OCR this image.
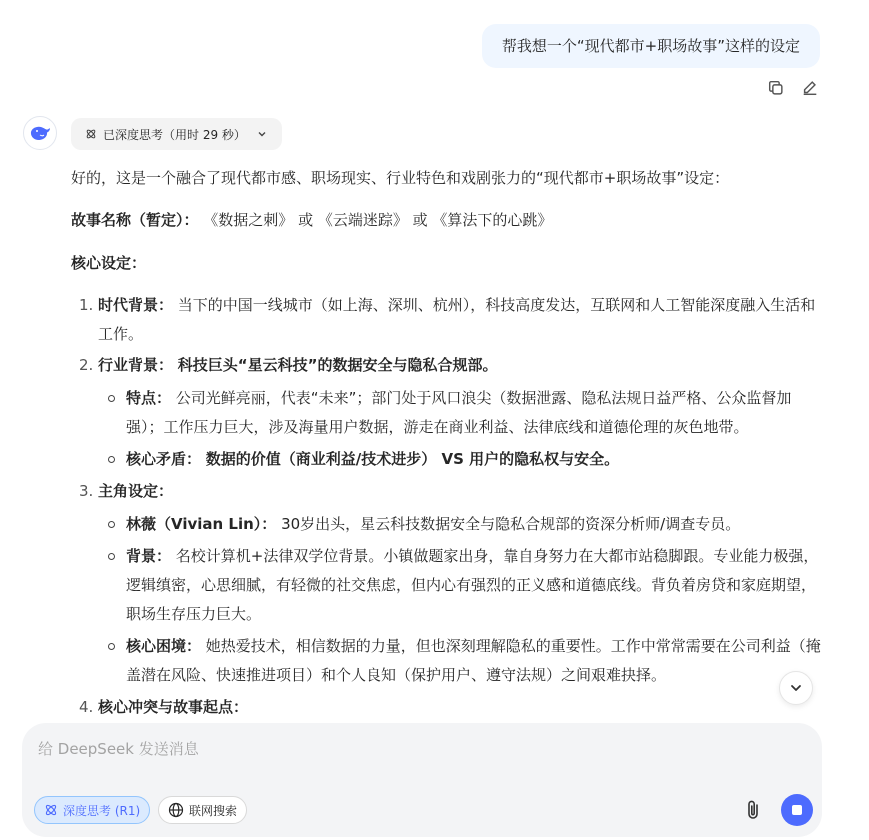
帮我想一个“现代都市+职场故事”这样的设定
已深度思考（用时 29 秒）

好的，这是一个融合了现代都市感、职场现实、行业特色和戏剧张力的“现代都市+职场故事”设定：

故事名称（暂定）： 《数据之刺》 或 《云端迷踪》 或 《算法下的心跳》

核心设定：

1. 时代背景： 当下的中国一线城市（如上海、深圳、杭州），科技高度发达，互联网和人工智能深度融入生活和工作。
2. 行业背景： 科技巨头“星云科技”的数据安全与隐私合规部。
特点： 公司光鲜亮丽，代表“未来”；部门处于风口浪尖（数据泄露、隐私法规日益严格、公众监督加强）；工作压力巨大，涉及海量用户数据，游走在商业利益、法律底线和道德伦理的灰色地带。
核心矛盾： 数据的价值（商业利益/技术进步） VS 用户的隐私权与安全。
3. 主角设定：
林薇（Vivian Lin）： 30岁出头，星云科技数据安全与隐私合规部的资深分析师/调查专员。
背景： 名校计算机+法律双学位背景。小镇做题家出身，靠自身努力在大都市站稳脚跟。专业能力极强，逻辑缜密，心思细腻，有轻微的社交焦虑，但内心有强烈的正义感和道德底线。背负着房贷和家庭期望，职场生存压力巨大。
核心困境： 她热爱技术，相信数据的力量，但也深刻理解隐私的重要性。工作中常常需要在公司利益（掩盖潜在风险、快速推进项目）和个人良知（保护用户、遵守法规）之间艰难抉择。
4. 核心冲突与故事起点：
给 DeepSeek 发送消息
深度思考 (R1)	联网搜索
